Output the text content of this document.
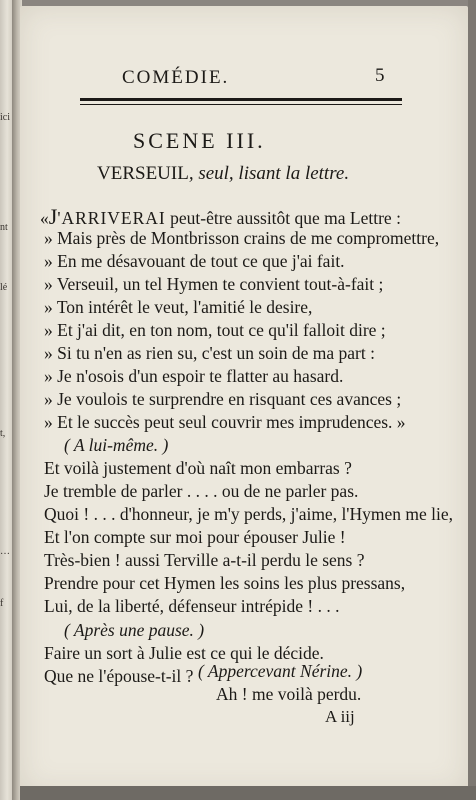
ici
nt
lé
t,
f
…
COMÉDIE.	5
SCENE III.
VERSEUIL, seul, lisant la lettre.
«J'ARRIVERAI peut-être aussitôt que ma Lettre :
» Mais près de Montbrisson crains de me compromettre,
» En me désavouant de tout ce que j'ai fait.
» Verseuil, un tel Hymen te convient tout-à-fait ;
» Ton intérêt le veut, l'amitié le desire,
» Et j'ai dit, en ton nom, tout ce qu'il falloit dire ;
» Si tu n'en as rien su, c'est un soin de ma part :
» Je n'osois d'un espoir te flatter au hasard.
» Je voulois te surprendre en risquant ces avances ;
» Et le succès peut seul couvrir mes imprudences. »
( A lui-même. )
Et voilà justement d'où naît mon embarras ?
Je tremble de parler . . . . ou de ne parler pas.
Quoi ! . . . d'honneur, je m'y perds, j'aime, l'Hymen me lie,
Et l'on compte sur moi pour épouser Julie !
Très-bien ! aussi Terville a-t-il perdu le sens ?
Prendre pour cet Hymen les soins les plus pressans,
Lui, de la liberté, défenseur intrépide ! . . .
( Après une pause. )
Faire un sort à Julie est ce qui le décide.
Que ne l'épouse-t-il ? ( Appercevant Nérine. )
Ah ! me voilà perdu.
A iij
